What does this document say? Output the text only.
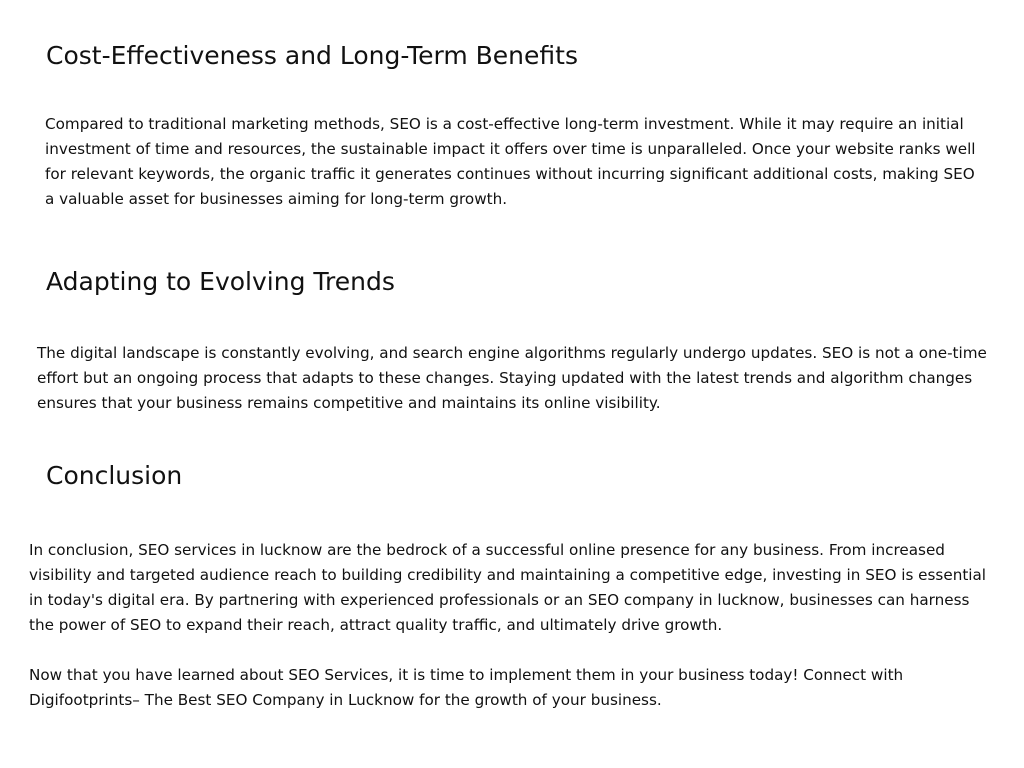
Cost-Effectiveness and Long-Term Benefits

Compared to traditional marketing methods, SEO is a cost-effective long-term investment. While it may require an initial investment of time and resources, the sustainable impact it offers over time is unparalleled. Once your website ranks well for relevant keywords, the organic traffic it generates continues without incurring significant additional costs, making SEO a valuable asset for businesses aiming for long-term growth.

Adapting to Evolving Trends

The digital landscape is constantly evolving, and search engine algorithms regularly undergo updates. SEO is not a one-time effort but an ongoing process that adapts to these changes. Staying updated with the latest trends and algorithm changes ensures that your business remains competitive and maintains its online visibility.

Conclusion

In conclusion, SEO services in lucknow are the bedrock of a successful online presence for any business. From increased visibility and targeted audience reach to building credibility and maintaining a competitive edge, investing in SEO is essential in today's digital era. By partnering with experienced professionals or an SEO company in lucknow, businesses can harness the power of SEO to expand their reach, attract quality traffic, and ultimately drive growth.

Now that you have learned about SEO Services, it is time to implement them in your business today! Connect with Digifootprints– The Best SEO Company in Lucknow for the growth of your business.
